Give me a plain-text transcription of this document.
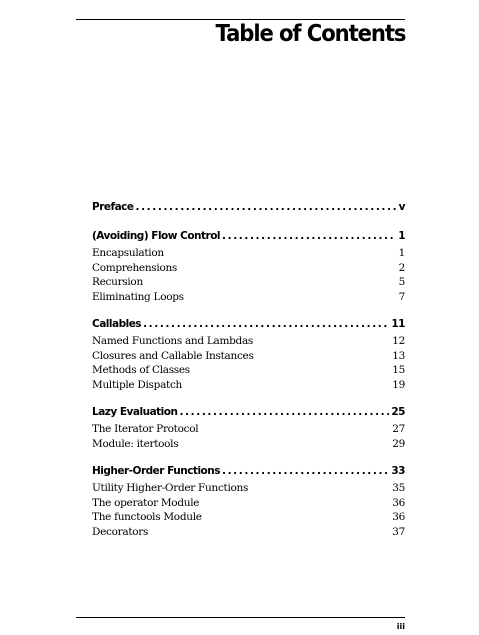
Table of Contents
Preface .....	v
(Avoiding) Flow Control .....	1
Encapsulation	1
Comprehensions	2
Recursion	5
Eliminating Loops	7
Callables .....	11
Named Functions and Lambdas	12
Closures and Callable Instances	13
Methods of Classes	15
Multiple Dispatch	19
Lazy Evaluation .....	25
The Iterator Protocol	27
Module: itertools	29
Higher-Order Functions .....	33
Utility Higher-Order Functions	35
The operator Module	36
The functools Module	36
Decorators	37
iii
